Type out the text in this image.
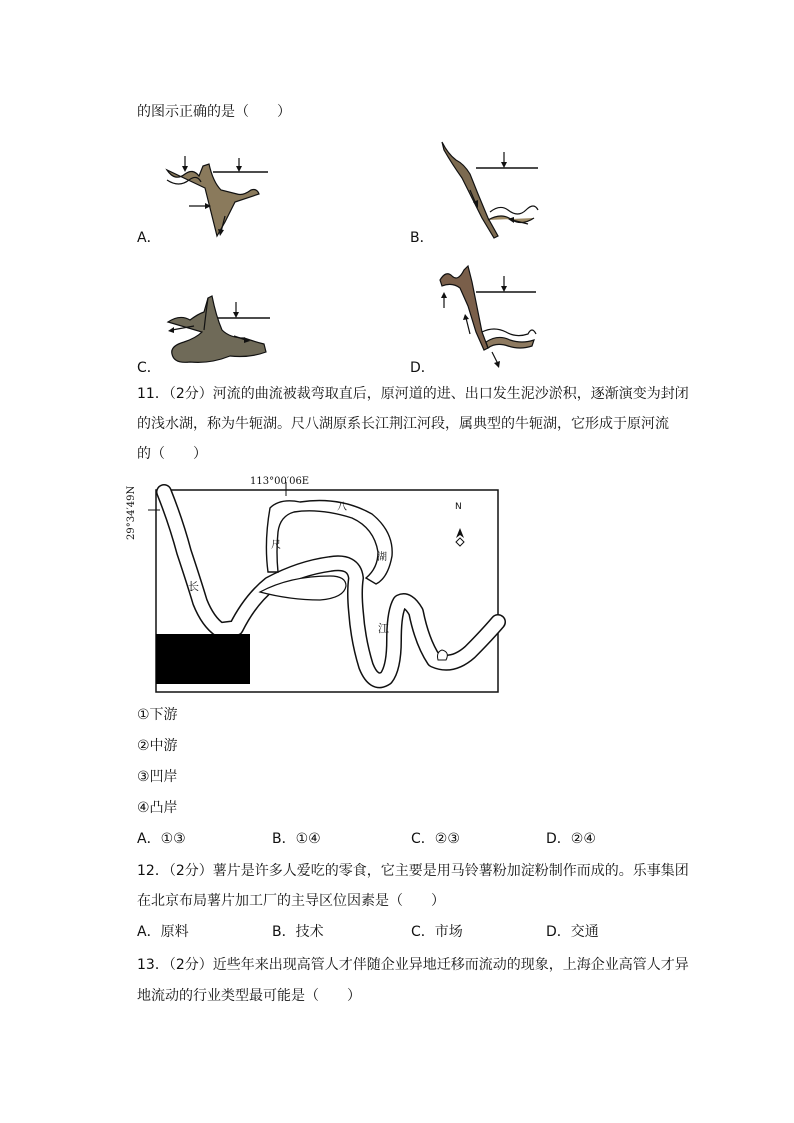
的图示正确的是（　　）
A．	B．
C．	D．
11．（2分）河流的曲流被裁弯取直后，原河道的进、出口发生泥沙淤积，逐渐演变为封闭
的浅水湖，称为牛轭湖。尺八湖原系长江荆江河段，属典型的牛轭湖，它形成于原河流
的（　　）
113°00′06E
29°34′49N	N
尺
八
湖
长
江
①下游
②中游
③凹岸
④凸岸
A．①③	B．①④	C．②③	D．②④
12．（2分）薯片是许多人爱吃的零食，它主要是用马铃薯粉加淀粉制作而成的。乐事集团
在北京布局薯片加工厂的主导区位因素是（　　）
A．原料	B．技术	C．市场	D．交通
13．（2分）近些年来出现高管人才伴随企业异地迁移而流动的现象，上海企业高管人才异
地流动的行业类型最可能是（　　）
